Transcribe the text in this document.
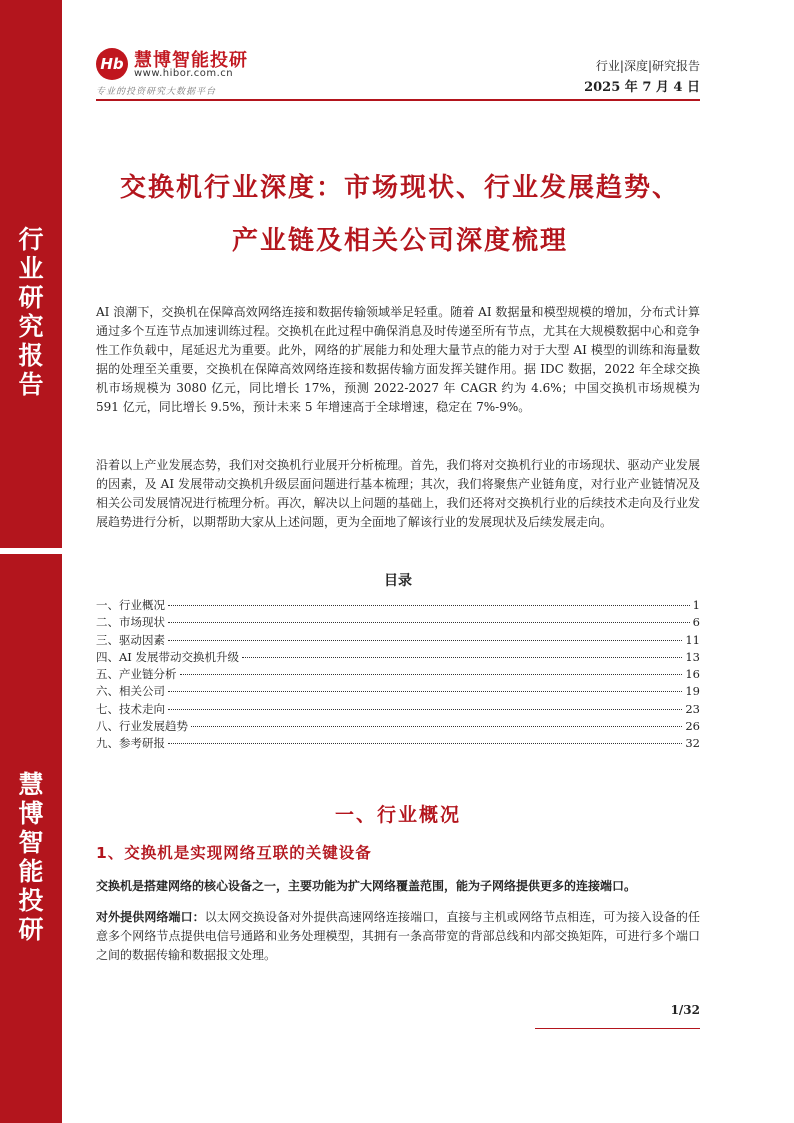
行
业
研
究
报
告
慧
博
智
能
投
研
Hb 慧博智能投研
www.hibor.com.cn
专业的投资研究大数据平台
行业|深度|研究报告
2025 年 7 月 4 日
交换机行业深度：市场现状、行业发展趋势、
产业链及相关公司深度梳理
AI 浪潮下，交换机在保障高效网络连接和数据传输领域举足轻重。随着 AI 数据量和模型规模的增加，分布式计算通过多个互连节点加速训练过程。交换机在此过程中确保消息及时传递至所有节点，尤其在大规模数据中心和竞争性工作负载中，尾延迟尤为重要。此外，网络的扩展能力和处理大量节点的能力对于大型 AI 模型的训练和海量数据的处理至关重要，交换机在保障高效网络连接和数据传输方面发挥关键作用。据 IDC 数据，2022 年全球交换机市场规模为 3080 亿元，同比增长 17%，预测 2022-2027 年 CAGR 约为 4.6%；中国交换机市场规模为 591 亿元，同比增长 9.5%，预计未来 5 年增速高于全球增速，稳定在 7%-9%。
沿着以上产业发展态势，我们对交换机行业展开分析梳理。首先，我们将对交换机行业的市场现状、驱动产业发展的因素，及 AI 发展带动交换机升级层面问题进行基本梳理；其次，我们将聚焦产业链角度，对行业产业链情况及相关公司发展情况进行梳理分析。再次，解决以上问题的基础上，我们还将对交换机行业的后续技术走向及行业发展趋势进行分析，以期帮助大家从上述问题，更为全面地了解该行业的发展现状及后续发展走向。
目录
一、行业概况	1
二、市场现状	6
三、驱动因素	11
四、AI 发展带动交换机升级	13
五、产业链分析	16
六、相关公司	19
七、技术走向	23
八、行业发展趋势	26
九、参考研报	32
一、行业概况
1、交换机是实现网络互联的关键设备
交换机是搭建网络的核心设备之一，主要功能为扩大网络覆盖范围，能为子网络提供更多的连接端口。
对外提供网络端口：以太网交换设备对外提供高速网络连接端口，直接与主机或网络节点相连，可为接入设备的任意多个网络节点提供电信号通路和业务处理模型，其拥有一条高带宽的背部总线和内部交换矩阵，可进行多个端口之间的数据传输和数据报文处理。
1/32
